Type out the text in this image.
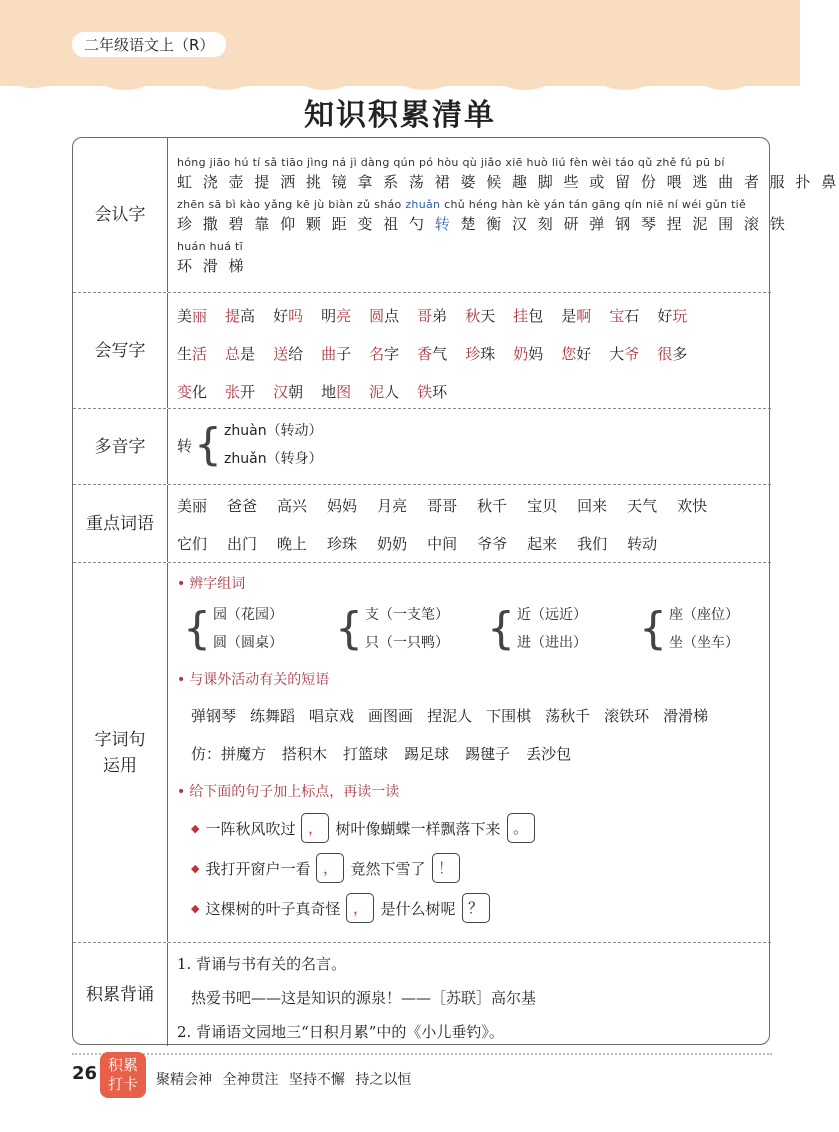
二年级语文上（R）
知识积累清单
会认字
hóng jiāo hú tí sǎ tiāo jìng ná jì dàng qún pó hòu qù jiǎo xiē huò liú fèn wèi táo qǔ zhě fú pū bí
虹 浇 壶 提 洒 挑 镜 拿 系 荡 裙 婆 候 趣 脚 些 或 留 份 喂 逃 曲 者 服 扑 鼻
zhēn sā bì kào yǎng kē jù biàn zǔ sháo zhuǎn chǔ héng hàn kè yán tán gāng qín niē ní wéi gǔn tiě
珍 撒 碧 靠 仰 颗 距 变 祖 勺 转 楚 衡 汉 刻 研 弹 钢 琴 捏 泥 围 滚 铁
huán huá tī
环 滑 梯
会写字
美丽 提高 好吗 明亮 圆点 哥弟 秋天 挂包 是啊 宝石 好玩
生活 总是 送给 曲子 名字 香气 珍珠 奶妈 您好 大爷 很多
变化 张开 汉朝 地图 泥人 铁环
多音字	转 { zhuàn（转动）
zhuǎn（转身）
重点词语
美丽 爸爸 高兴 妈妈 月亮 哥哥 秋千 宝贝 回来 天气 欢快
它们 出门 晚上 珍珠 奶奶 中间 爷爷 起来 我们 转动
字词句
运用
• 辨字组词
{ 园（花园）
圆（圆桌） { 支（一支笔）
只（一只鸭） { 近（远近）
进（进出） { 座（座位）
坐（坐车）
• 与课外活动有关的短语
弹钢琴 练舞蹈 唱京戏 画图画 捏泥人 下围棋 荡秋千 滚铁环 滑滑梯
仿： 拼魔方 搭积木 打篮球 踢足球 踢毽子 丢沙包
• 给下面的句子加上标点，再读一读
◆ 一阵秋风吹过 ， 树叶像蝴蝶一样飘落下来 。
◆ 我打开窗户一看 ， 竟然下雪了 ！
◆ 这棵树的叶子真奇怪 ， 是什么树呢 ？
积累背诵
1. 背诵与书有关的名言。
热爱书吧——这是知识的源泉！——［苏联］高尔基
2. 背诵语文园地三“日积月累”中的《小儿垂钓》。
26 积累
打卡	聚精会神 全神贯注 坚持不懈 持之以恒
